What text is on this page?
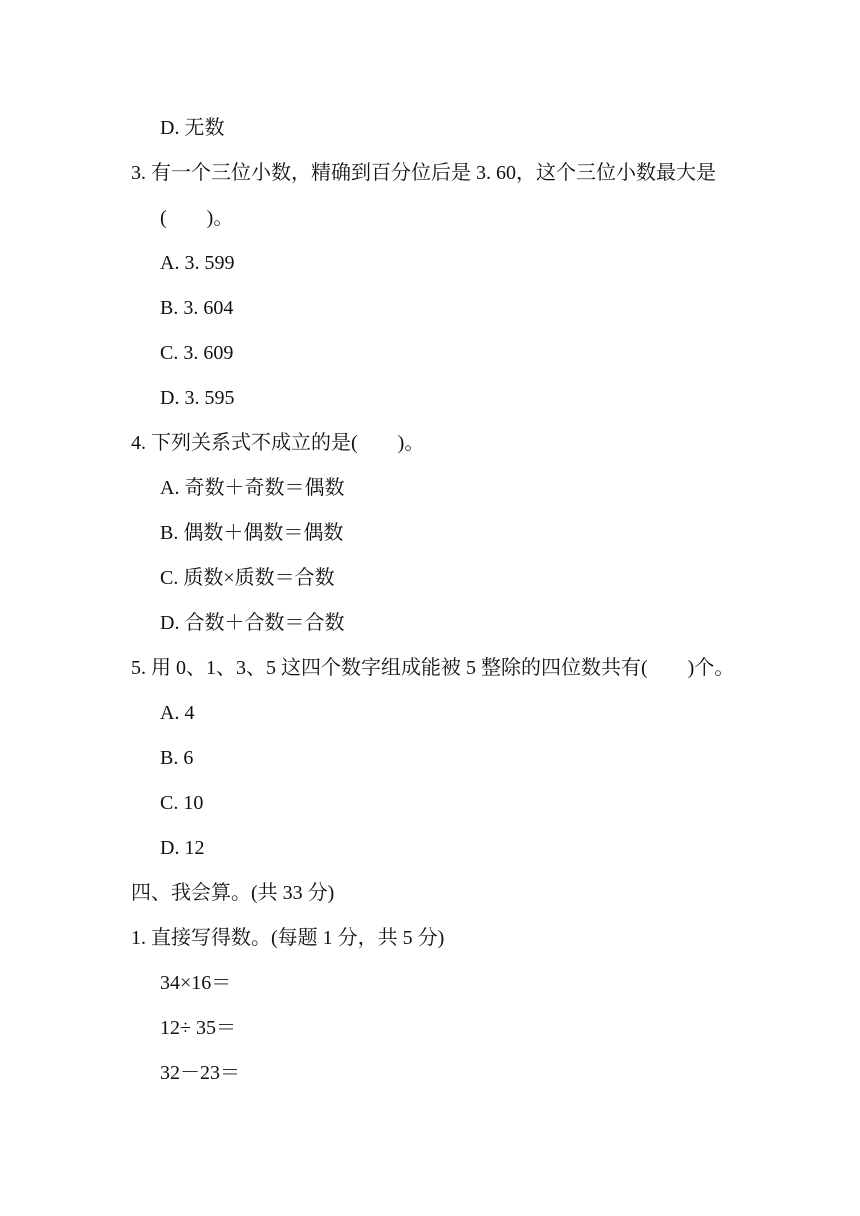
D. 无数
3. 有一个三位小数，精确到百分位后是 3. 60，这个三位小数最大是
(　　)。
A. 3. 599
B. 3. 604
C. 3. 609
D. 3. 595
4. 下列关系式不成立的是(　　)。
A. 奇数＋奇数＝偶数
B. 偶数＋偶数＝偶数
C. 质数×质数＝合数
D. 合数＋合数＝合数
5. 用 0、1、3、5 这四个数字组成能被 5 整除的四位数共有(　　)个。
A. 4
B. 6
C. 10
D. 12
四、我会算。(共 33 分)
1. 直接写得数。(每题 1 分，共 5 分)
34×16＝
12÷ 35＝
32－23＝
